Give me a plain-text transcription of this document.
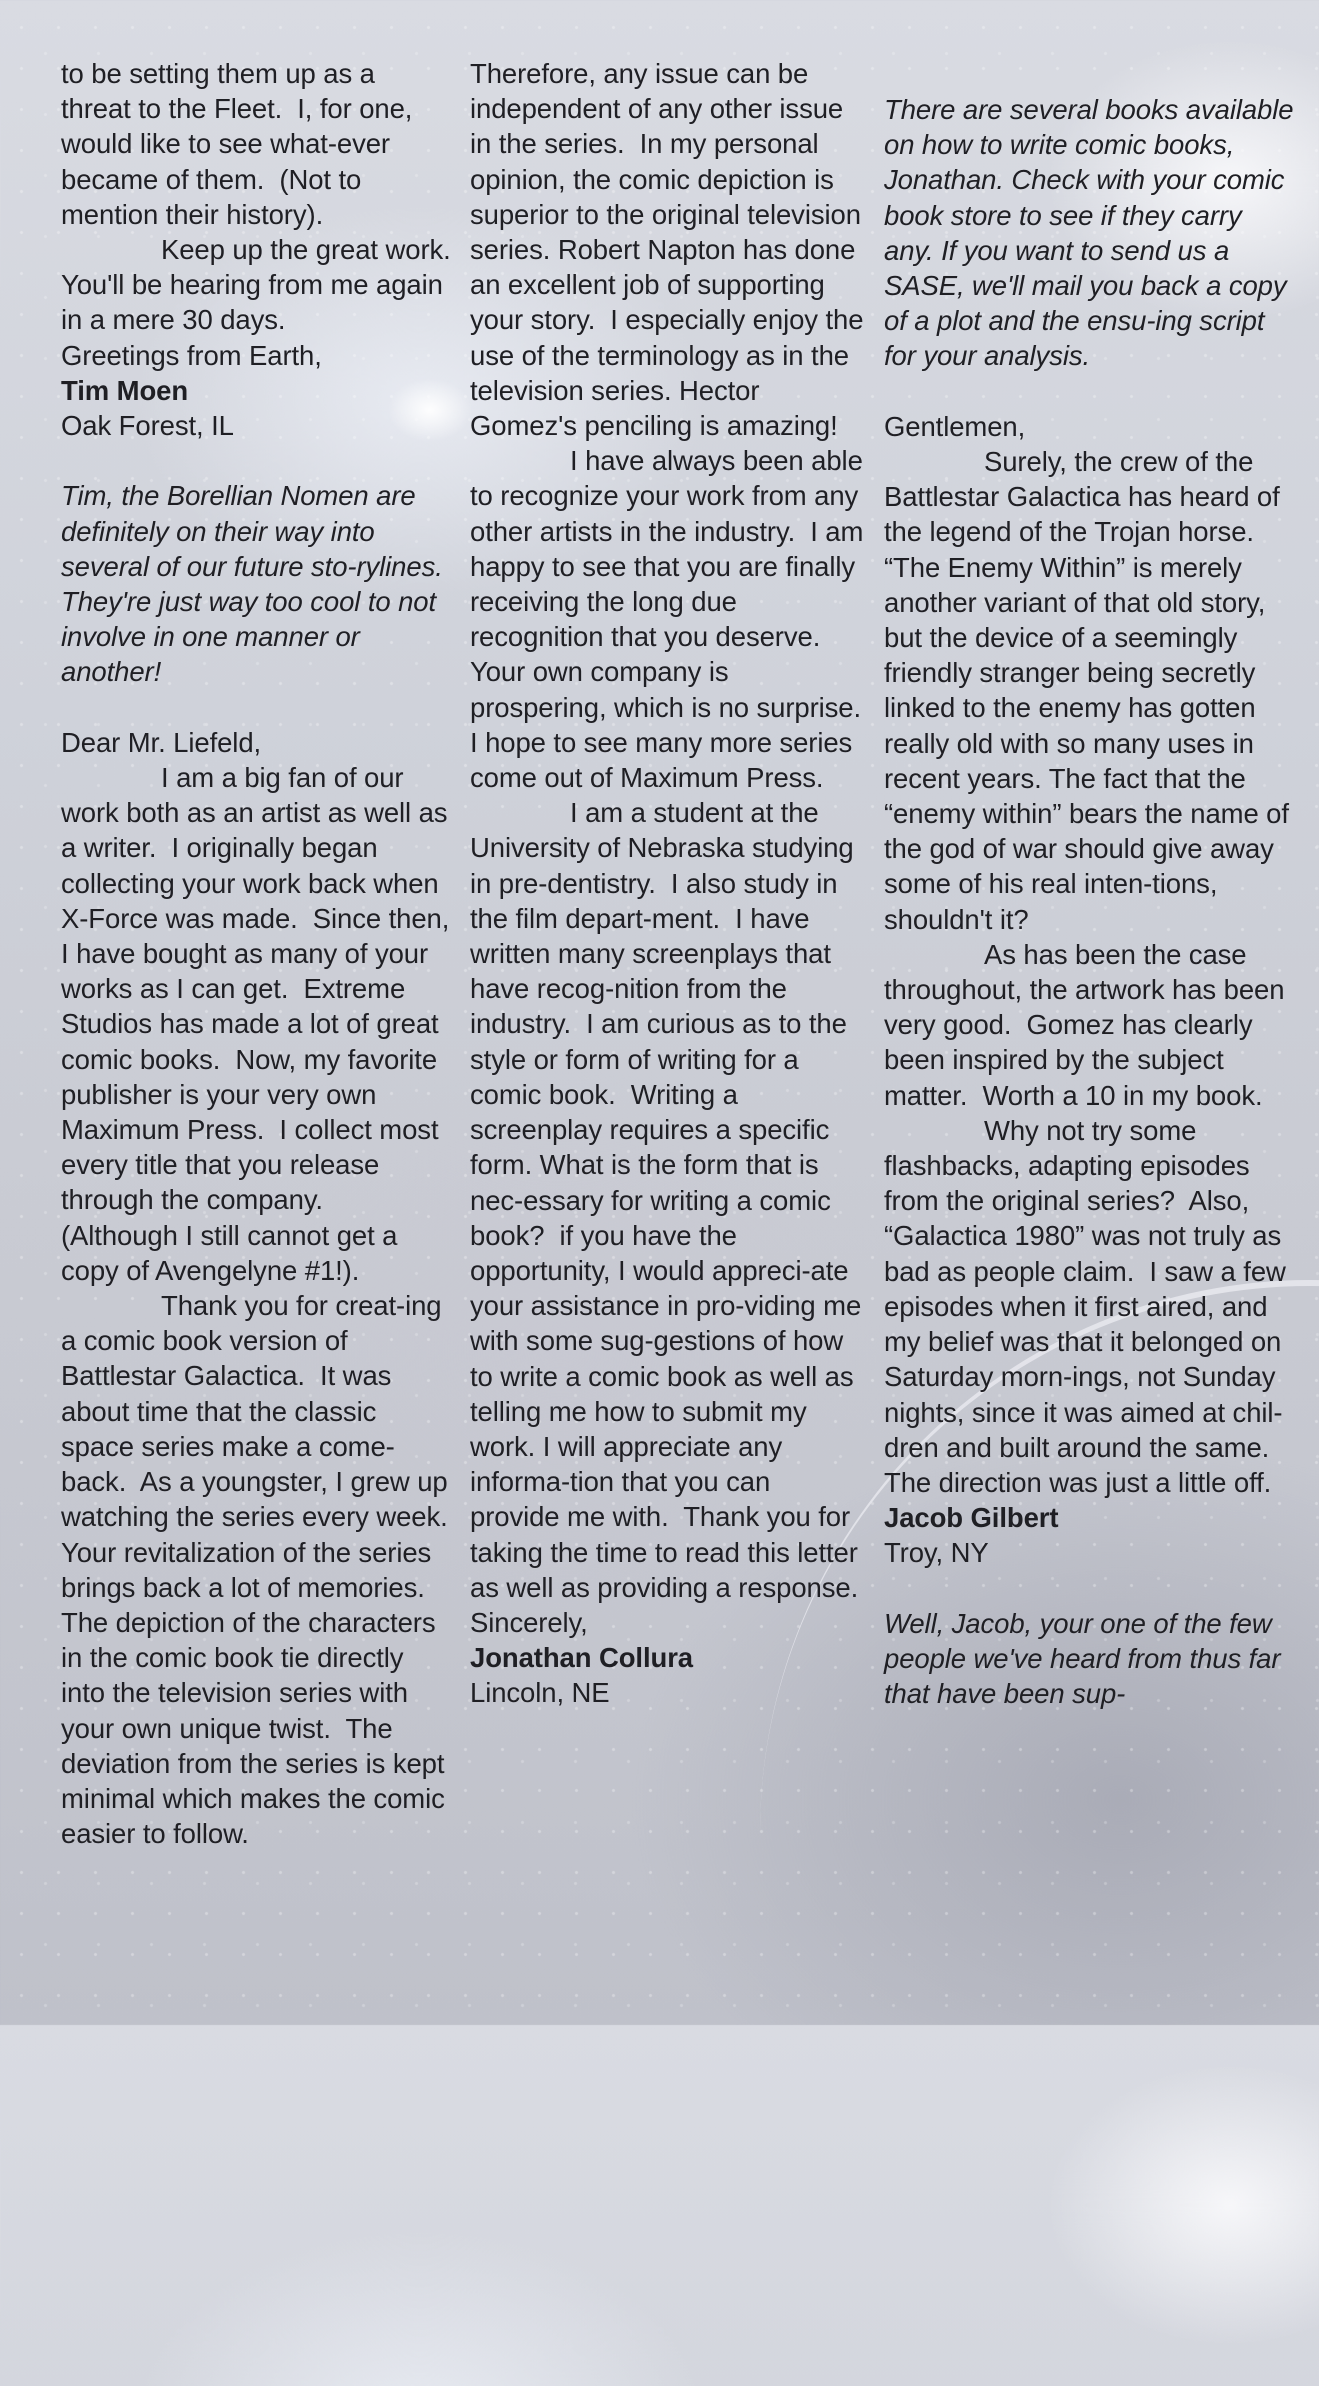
to be setting them up as a threat to the Fleet.  I, for one, would like to see what-ever became of them.  (Not to mention their history).

Keep up the great work.  You'll be hearing from me again in a mere 30 days.

Greetings from Earth,

Tim Moen

Oak Forest, IL

Tim, the Borellian Nomen are definitely on their way into several of our future sto-rylines.  They're just way too cool to not involve in one manner or another!

Dear Mr. Liefeld,

I am a big fan of our work both as an artist as well as a writer.  I originally began collecting your work back when X-Force was made.  Since then, I have bought as many of your works as I can get.  Extreme Studios has made a lot of great comic books.  Now, my favorite publisher is your very own Maximum Press.  I collect most every title that you release through the company.  (Although I still cannot get a copy of Avengelyne #1!).

Thank you for creat-ing a comic book version of Battlestar Galactica.  It was about time that the classic space series make a come-back.  As a youngster, I grew up watching the series every week.  Your revitalization of the series brings back a lot of memories.  The depiction of the characters in the comic book tie directly into the television series with your own unique twist.  The deviation from the series is kept minimal which makes the comic easier to follow.

Therefore, any issue can be independent of any other issue in the series.  In my personal opinion, the comic depiction is superior to the original television series. Robert Napton has done an excellent job of supporting your story.  I especially enjoy the use of the terminology as in the television series. Hector Gomez's penciling is amazing!

I have always been able to recognize your work from any other artists in the industry.  I am happy to see that you are finally receiving the long due recognition that you deserve.  Your own company is prospering, which is no surprise.  I hope to see many more series come out of Maximum Press.

I am a student at the University of Nebraska studying in pre-dentistry.  I also study in the film depart-ment.  I have written many screenplays that have recog-nition from the industry.  I am curious as to the style or form of writing for a comic book.  Writing a screenplay requires a specific form. What is the form that is nec-essary for writing a comic book?  if you have the opportunity, I would appreci-ate your assistance in pro-viding me with some sug-gestions of how to write a comic book as well as telling me how to submit my work. I will appreciate any informa-tion that you can provide me with.  Thank you for taking the time to read this letter as well as providing a response.

Sincerely,

Jonathan Collura

Lincoln, NE

There are several books available on how to write comic books, Jonathan. Check with your comic book store to see if they carry any. If you want to send us a SASE, we'll mail you back a copy of a plot and the ensu-ing script for your analysis.

Gentlemen,

Surely, the crew of the Battlestar Galactica has heard of the legend of the Trojan horse.  “The Enemy Within” is merely another variant of that old story, but the device of a seemingly friendly stranger being secretly linked to the enemy has gotten really old with so many uses in recent years. The fact that the “enemy within” bears the name of the god of war should give away some of his real inten-tions, shouldn't it?

As has been the case throughout, the artwork has been very good.  Gomez has clearly been inspired by the subject matter.  Worth a 10 in my book.

Why not try some flashbacks, adapting episodes from the original series?  Also, “Galactica 1980” was not truly as bad as people claim.  I saw a few episodes when it first aired, and my belief was that it belonged on Saturday morn-ings, not Sunday nights, since it was aimed at chil-dren and built around the same.  The direction was just a little off.

Jacob Gilbert

Troy, NY

Well, Jacob, your one of the few people we've heard from thus far that have been sup-
